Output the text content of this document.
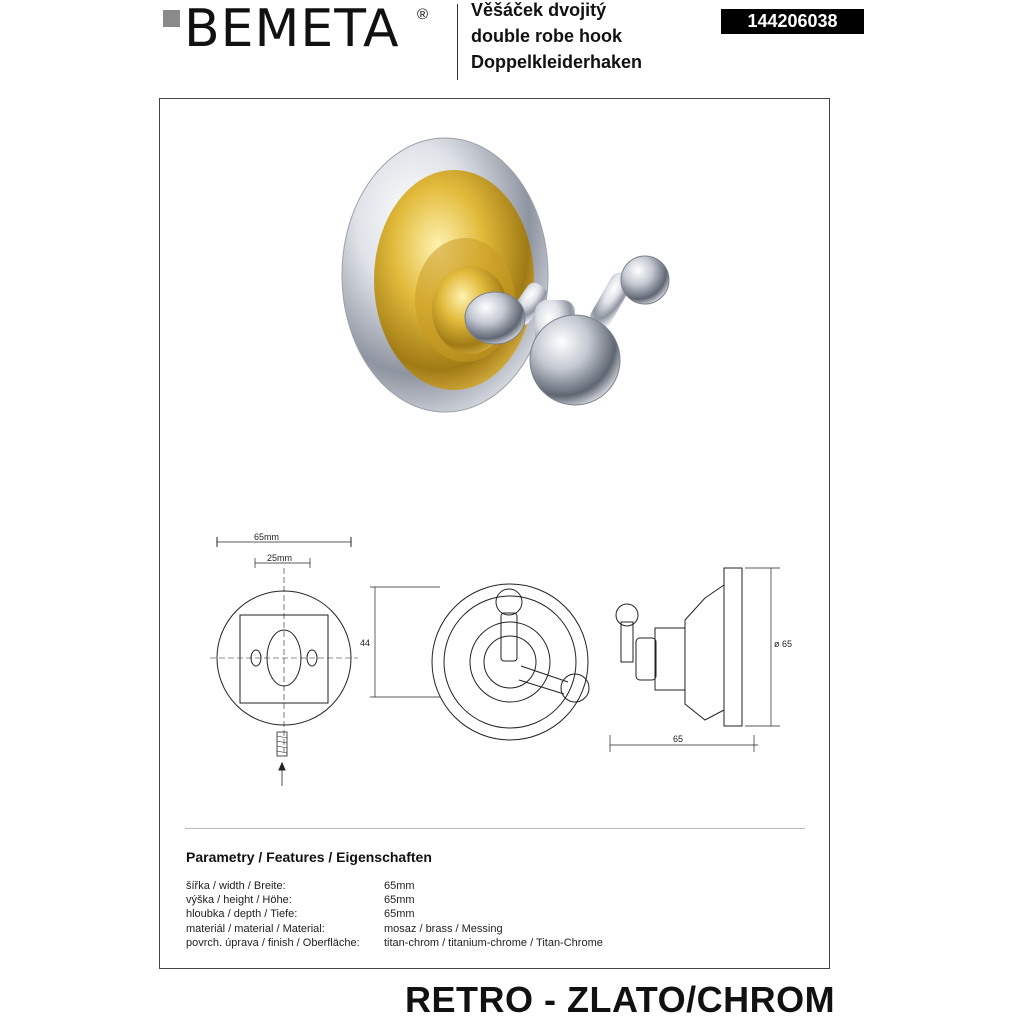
BEMETA ® Věšáček dvojitý
double robe hook
Doppelkleiderhaken
144206038
65mm
25mm
44	ø 65
65
Parametry / Features / Eigenschaften
šířka / width / Breite:	65mm
výška / height / Höhe:	65mm
hloubka / depth / Tiefe:	65mm
materiál / material / Material:	mosaz / brass / Messing
povrch. úprava / finish / Oberfläche: titan-chrom / titanium-chrome / Titan-Chrome
RETRO - ZLATO/CHROM
